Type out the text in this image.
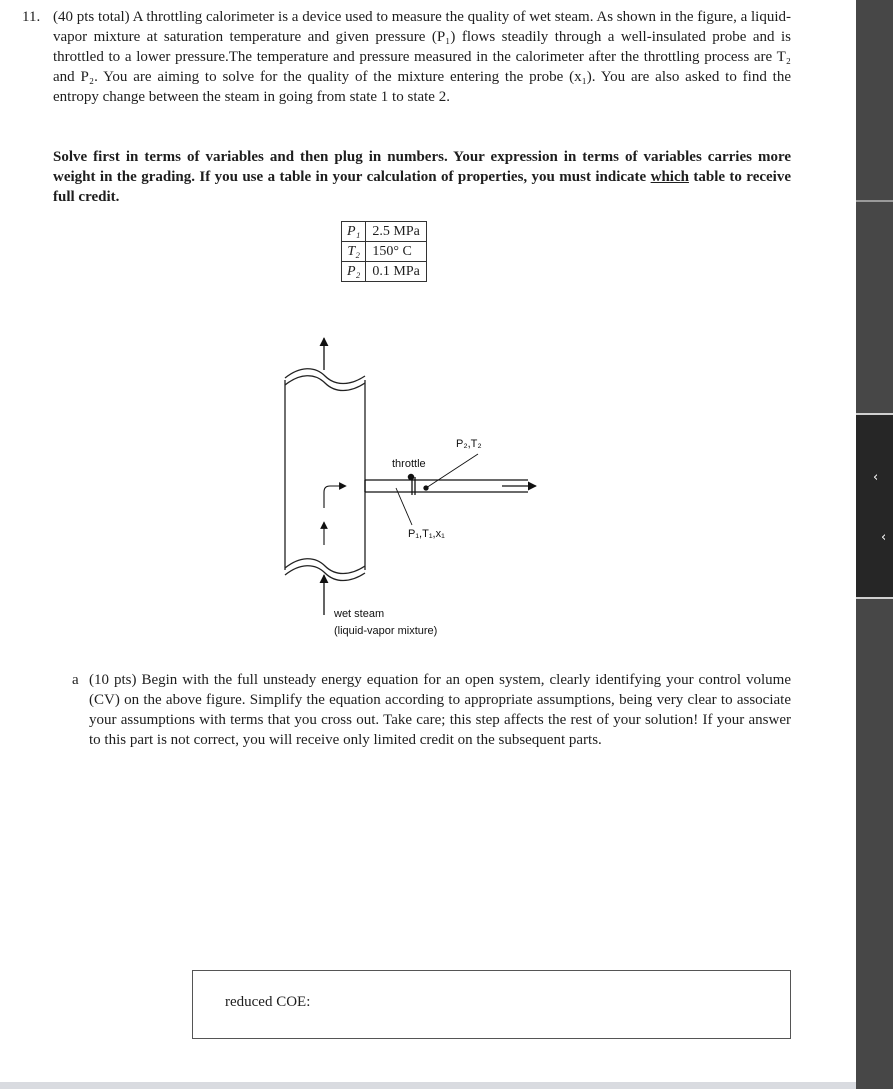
11. (40 pts total) A throttling calorimeter is a device used to measure the quality of wet steam. As shown in the figure, a liquid-vapor mixture at saturation temperature and given pressure (P₁) flows steadily through a well-insulated probe and is throttled to a lower pressure.The temperature and pressure measured in the calorimeter after the throttling process are T₂ and P₂. You are aiming to solve for the quality of the mixture entering the probe (x₁). You are also asked to find the entropy change between the steam in going from state 1 to state 2.
Solve first in terms of variables and then plug in numbers. Your expression in terms of variables carries more weight in the grading. If you use a table in your calculation of properties, you must indicate which table to receive full credit.
P₁	2.5 MPa
T₂	150° C
P₂	0.1 MPa
throttle
P₂,T₂
P₁,T₁,x₁
wet steam
(liquid-vapor mixture)
a (10 pts) Begin with the full unsteady energy equation for an open system, clearly identifying your control volume (CV) on the above figure. Simplify the equation according to appropriate assumptions, being very clear to associate your assumptions with terms that you cross out. Take care; this step affects the rest of your solution! If your answer to this part is not correct, you will receive only limited credit on the subsequent parts.
reduced COE:
‹
‹
